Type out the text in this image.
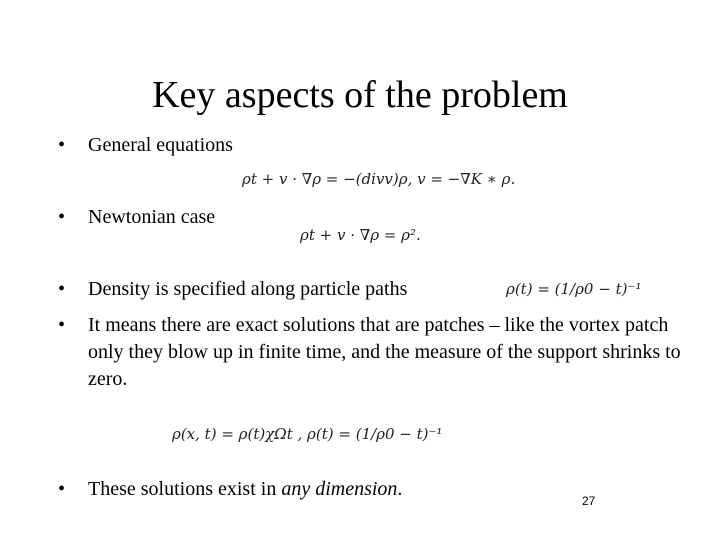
Key aspects of the problem
•	General equations
ρt + v · ∇ρ = −(divv)ρ, v = −∇K ∗ ρ.
•	Newtonian case
ρt + v · ∇ρ = ρ².
•	Density is specified along particle paths	ρ(t) = (1/ρ0 − t)⁻¹
•	It means there are exact solutions that are patches – like the vortex patch only they blow up in finite time, and the measure of the support shrinks to zero.
ρ(x, t) = ρ(t)χΩt , ρ(t) = (1/ρ0 − t)⁻¹
•	These solutions exist in any dimension.
27
